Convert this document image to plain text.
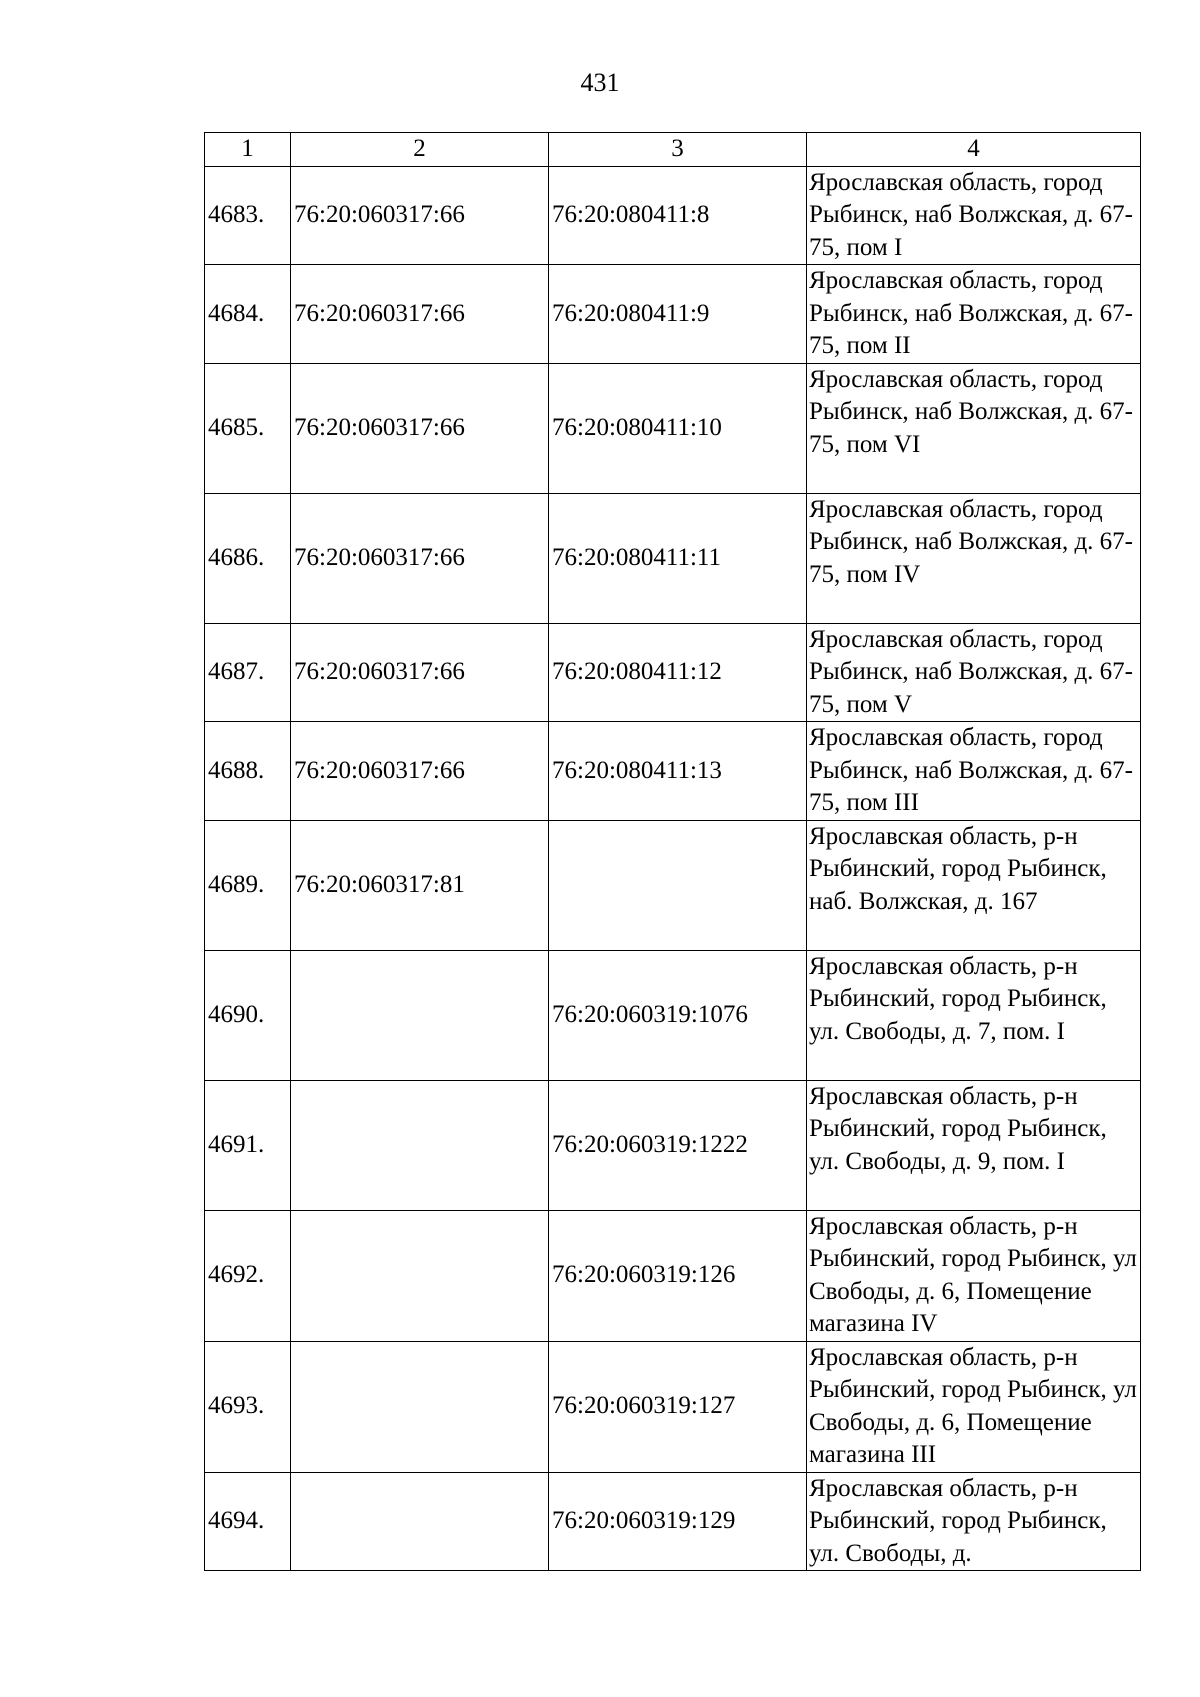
431
1	2	3	4
4683.	76:20:060317:66	76:20:080411:8	Ярославская область, город Рыбинск, наб Волжская, д. 67-75, пом I
4684.	76:20:060317:66	76:20:080411:9	Ярославская область, город Рыбинск, наб Волжская, д. 67-75, пом II
4685.	76:20:060317:66	76:20:080411:10	Ярославская область, город Рыбинск, наб Волжская, д. 67-75, пом VI
4686.	76:20:060317:66	76:20:080411:11	Ярославская область, город Рыбинск, наб Волжская, д. 67-75, пом IV
4687.	76:20:060317:66	76:20:080411:12	Ярославская область, город Рыбинск, наб Волжская, д. 67-75, пом V
4688.	76:20:060317:66	76:20:080411:13	Ярославская область, город Рыбинск, наб Волжская, д. 67-75, пом III
4689.	76:20:060317:81		Ярославская область, р-н Рыбинский, город Рыбинск, наб. Волжская, д. 167
4690.		76:20:060319:1076	Ярославская область, р-н Рыбинский, город Рыбинск, ул. Свободы, д. 7, пом. I
4691.		76:20:060319:1222	Ярославская область, р-н Рыбинский, город Рыбинск, ул. Свободы, д. 9, пом. I
4692.		76:20:060319:126	Ярославская область, р-н Рыбинский, город Рыбинск, ул Свободы, д. 6, Помещение магазина IV
4693.		76:20:060319:127	Ярославская область, р-н Рыбинский, город Рыбинск, ул Свободы, д. 6, Помещение магазина III
4694.		76:20:060319:129	Ярославская область, р-н Рыбинский, город Рыбинск, ул. Свободы, д.
